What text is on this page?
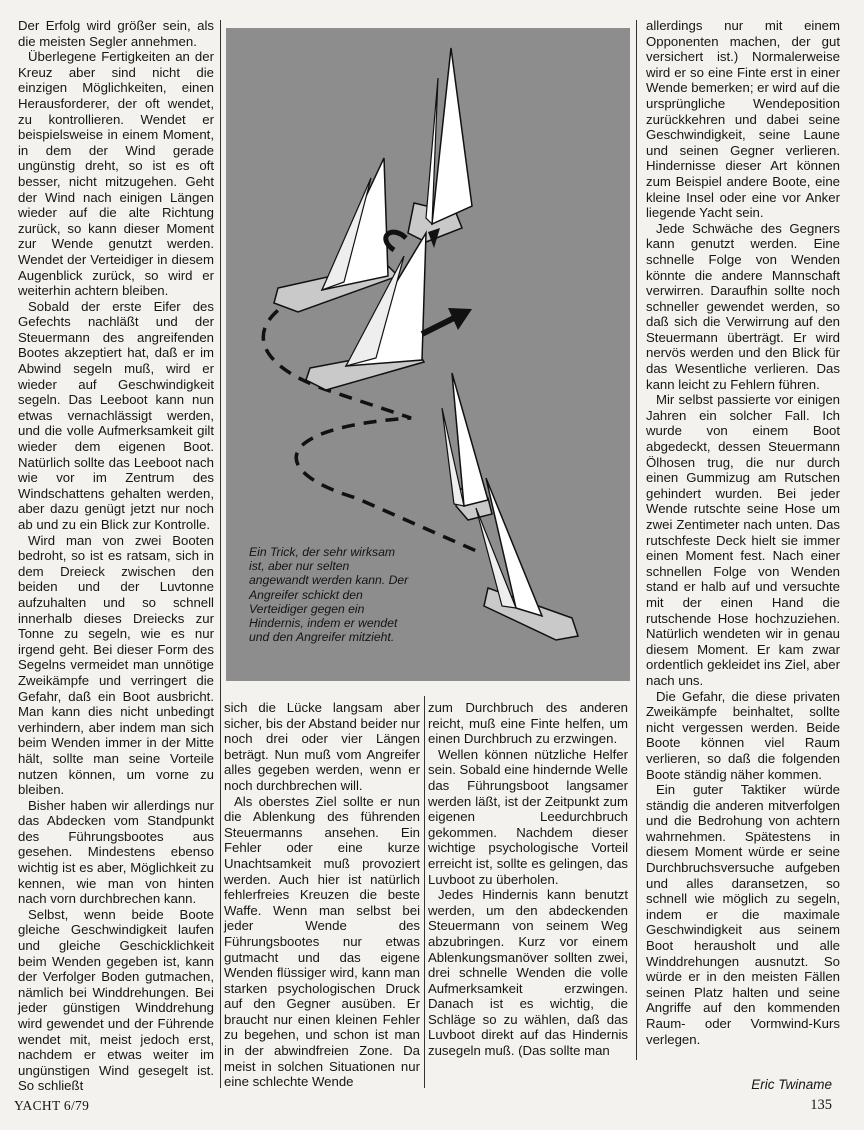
Der Erfolg wird größer sein, als die meisten Segler annehmen.

Überlegene Fertigkeiten an der Kreuz aber sind nicht die einzigen Möglichkeiten, einen Herausforderer, der oft wendet, zu kontrollieren. Wendet er beispielsweise in einem Moment, in dem der Wind gerade ungünstig dreht, so ist es oft besser, nicht mitzugehen. Geht der Wind nach einigen Längen wieder auf die alte Richtung zurück, so kann dieser Moment zur Wende genutzt werden. Wendet der Verteidiger in diesem Augenblick zurück, so wird er weiterhin achtern bleiben.

Sobald der erste Eifer des Gefechts nachläßt und der Steuermann des angreifenden Bootes akzeptiert hat, daß er im Abwind segeln muß, wird er wieder auf Geschwindigkeit segeln. Das Leeboot kann nun etwas vernachlässigt werden, und die volle Aufmerksamkeit gilt wieder dem eigenen Boot. Natürlich sollte das Leeboot nach wie vor im Zentrum des Windschattens gehalten werden, aber dazu genügt jetzt nur noch ab und zu ein Blick zur Kontrolle.

Wird man von zwei Booten bedroht, so ist es ratsam, sich in dem Dreieck zwischen den beiden und der Luvtonne aufzuhalten und so schnell innerhalb dieses Dreiecks zur Tonne zu segeln, wie es nur irgend geht. Bei dieser Form des Segelns vermeidet man unnötige Zweikämpfe und verringert die Gefahr, daß ein Boot ausbricht. Man kann dies nicht unbedingt verhindern, aber indem man sich beim Wenden immer in der Mitte hält, sollte man seine Vorteile nutzen können, um vorne zu bleiben.

Bisher haben wir allerdings nur das Abdecken vom Standpunkt des Führungsbootes aus gesehen. Mindestens ebenso wichtig ist es aber, Möglichkeit zu kennen, wie man von hinten nach vorn durchbrechen kann.

Selbst, wenn beide Boote gleiche Geschwindigkeit laufen und gleiche Geschicklichkeit beim Wenden gegeben ist, kann der Verfolger Boden gutmachen, nämlich bei Winddrehungen. Bei jeder günstigen Winddrehung wird gewendet und der Führende wendet mit, meist jedoch erst, nachdem er etwas weiter im ungünstigen Wind gesegelt ist. So schließt

Ein Trick, der sehr wirksam ist, aber nur selten angewandt werden kann. Der Angreifer schickt den Verteidiger gegen ein Hindernis, indem er wendet und den Angreifer mitzieht.

sich die Lücke langsam aber sicher, bis der Abstand beider nur noch drei oder vier Längen beträgt. Nun muß vom Angreifer alles gegeben werden, wenn er noch durchbrechen will.

Als oberstes Ziel sollte er nun die Ablenkung des führenden Steuermanns ansehen. Ein Fehler oder eine kurze Unachtsamkeit muß provoziert werden. Auch hier ist natürlich fehlerfreies Kreuzen die beste Waffe. Wenn man selbst bei jeder Wende des Führungsbootes nur etwas gutmacht und das eigene Wenden flüssiger wird, kann man starken psychologischen Druck auf den Gegner ausüben. Er braucht nur einen kleinen Fehler zu begehen, und schon ist man in der abwindfreien Zone. Da meist in solchen Situationen nur eine schlechte Wende

zum Durchbruch des anderen reicht, muß eine Finte helfen, um einen Durchbruch zu erzwingen.

Wellen können nützliche Helfer sein. Sobald eine hindernde Welle das Führungsboot langsamer werden läßt, ist der Zeitpunkt zum eigenen Leedurchbruch gekommen. Nachdem dieser wichtige psychologische Vorteil erreicht ist, sollte es gelingen, das Luvboot zu überholen.

Jedes Hindernis kann benutzt werden, um den abdeckenden Steuermann von seinem Weg abzubringen. Kurz vor einem Ablenkungsmanöver sollten zwei, drei schnelle Wenden die volle Aufmerksamkeit erzwingen. Danach ist es wichtig, die Schläge so zu wählen, daß das Luvboot direkt auf das Hindernis zusegeln muß. (Das sollte man

allerdings nur mit einem Opponenten machen, der gut versichert ist.) Normalerweise wird er so eine Finte erst in einer Wende bemerken; er wird auf die ursprüngliche Wendeposition zurückkehren und dabei seine Geschwindigkeit, seine Laune und seinen Gegner verlieren. Hindernisse dieser Art können zum Beispiel andere Boote, eine kleine Insel oder eine vor Anker liegende Yacht sein.

Jede Schwäche des Gegners kann genutzt werden. Eine schnelle Folge von Wenden könnte die andere Mannschaft verwirren. Daraufhin sollte noch schneller gewendet werden, so daß sich die Verwirrung auf den Steuermann überträgt. Er wird nervös werden und den Blick für das Wesentliche verlieren. Das kann leicht zu Fehlern führen.

Mir selbst passierte vor einigen Jahren ein solcher Fall. Ich wurde von einem Boot abgedeckt, dessen Steuermann Ölhosen trug, die nur durch einen Gummizug am Rutschen gehindert wurden. Bei jeder Wende rutschte seine Hose um zwei Zentimeter nach unten. Das rutschfeste Deck hielt sie immer einen Moment fest. Nach einer schnellen Folge von Wenden stand er halb auf und versuchte mit der einen Hand die rutschende Hose hochzuziehen. Natürlich wendeten wir in genau diesem Moment. Er kam zwar ordentlich gekleidet ins Ziel, aber nach uns.

Die Gefahr, die diese privaten Zweikämpfe beinhaltet, sollte nicht vergessen werden. Beide Boote können viel Raum verlieren, so daß die folgenden Boote ständig näher kommen.

Ein guter Taktiker würde ständig die anderen mitverfolgen und die Bedrohung von achtern wahrnehmen. Spätestens in diesem Moment würde er seine Durchbruchsversuche aufgeben und alles daransetzen, so schnell wie möglich zu segeln, indem er die maximale Geschwindigkeit aus seinem Boot herausholt und alle Winddrehungen ausnutzt. So würde er in den meisten Fällen seinen Platz halten und seine Angriffe auf den kommenden Raum- oder Vormwind-Kurs verlegen.

Eric Twiname
YACHT 6/79	135
